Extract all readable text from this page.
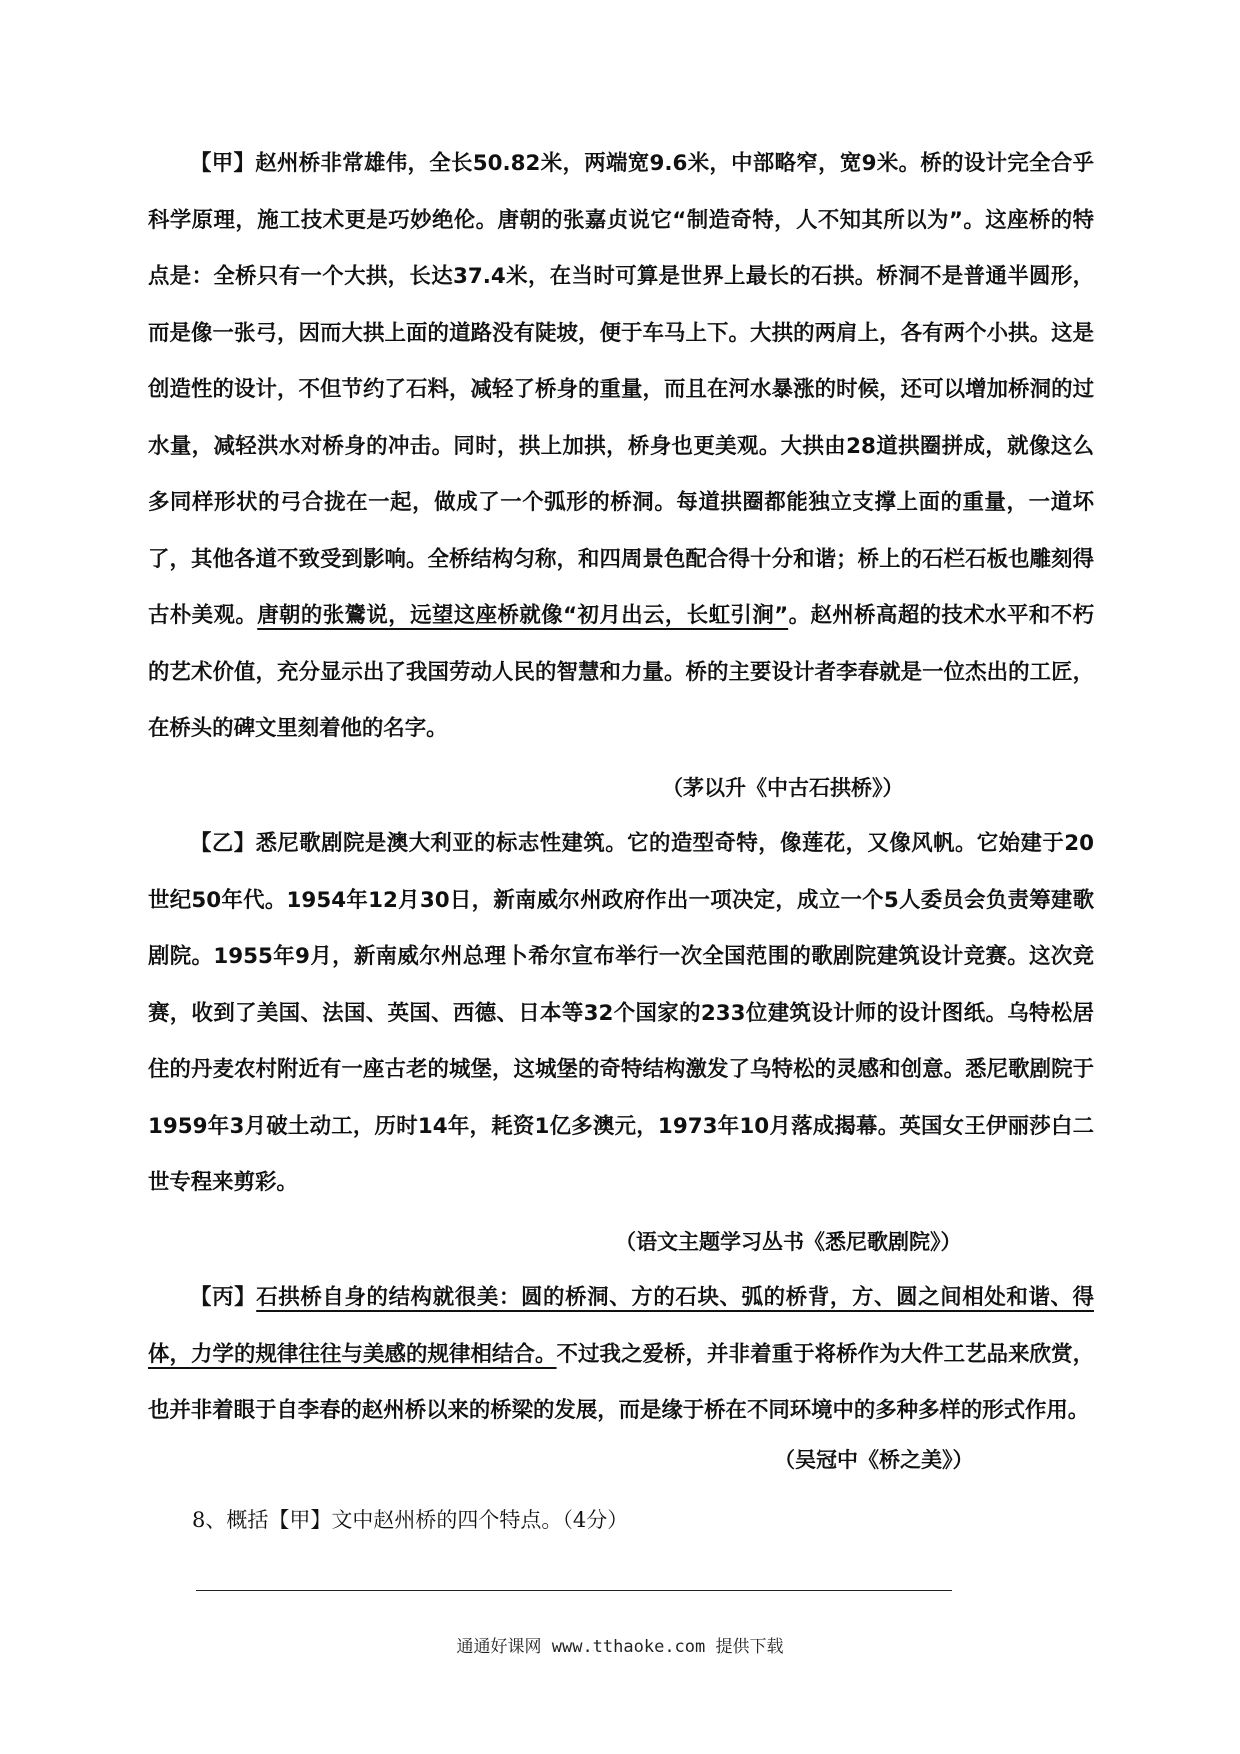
【甲】赵州桥非常雄伟，全长50.82米，两端宽9.6米，中部略窄，宽9米。桥的设计完全合乎科学原理，施工技术更是巧妙绝伦。唐朝的张嘉贞说它“制造奇特，人不知其所以为”。这座桥的特点是：全桥只有一个大拱，长达37.4米，在当时可算是世界上最长的石拱。桥洞不是普通半圆形，而是像一张弓，因而大拱上面的道路没有陡坡，便于车马上下。大拱的两肩上，各有两个小拱。这是创造性的设计，不但节约了石料，减轻了桥身的重量，而且在河水暴涨的时候，还可以增加桥洞的过水量，减轻洪水对桥身的冲击。同时，拱上加拱，桥身也更美观。大拱由28道拱圈拼成，就像这么多同样形状的弓合拢在一起，做成了一个弧形的桥洞。每道拱圈都能独立支撑上面的重量，一道坏了，其他各道不致受到影响。全桥结构匀称，和四周景色配合得十分和谐；桥上的石栏石板也雕刻得古朴美观。唐朝的张鷟说，远望这座桥就像“初月出云，长虹引涧”。赵州桥高超的技术水平和不朽的艺术价值，充分显示出了我国劳动人民的智慧和力量。桥的主要设计者李春就是一位杰出的工匠，在桥头的碑文里刻着他的名字。

（茅以升《中古石拱桥》）

【乙】悉尼歌剧院是澳大利亚的标志性建筑。它的造型奇特，像莲花，又像风帆。它始建于20世纪50年代。1954年12月30日，新南威尔州政府作出一项决定，成立一个5人委员会负责筹建歌剧院。1955年9月，新南威尔州总理卜希尔宣布举行一次全国范围的歌剧院建筑设计竞赛。这次竞赛，收到了美国、法国、英国、西德、日本等32个国家的233位建筑设计师的设计图纸。乌特松居住的丹麦农村附近有一座古老的城堡，这城堡的奇特结构激发了乌特松的灵感和创意。悉尼歌剧院于1959年3月破土动工，历时14年，耗资1亿多澳元，1973年10月落成揭幕。英国女王伊丽莎白二世专程来剪彩。

（语文主题学习丛书《悉尼歌剧院》）

【丙】石拱桥自身的结构就很美：圆的桥洞、方的石块、弧的桥背，方、圆之间相处和谐、得体，力学的规律往往与美感的规律相结合。不过我之爱桥，并非着重于将桥作为大件工艺品来欣赏，也并非着眼于自李春的赵州桥以来的桥梁的发展，而是缘于桥在不同环境中的多种多样的形式作用。

（吴冠中《桥之美》）
8、概括【甲】文中赵州桥的四个特点。（4分）
通通好课网 www.tthaoke.com 提供下载
